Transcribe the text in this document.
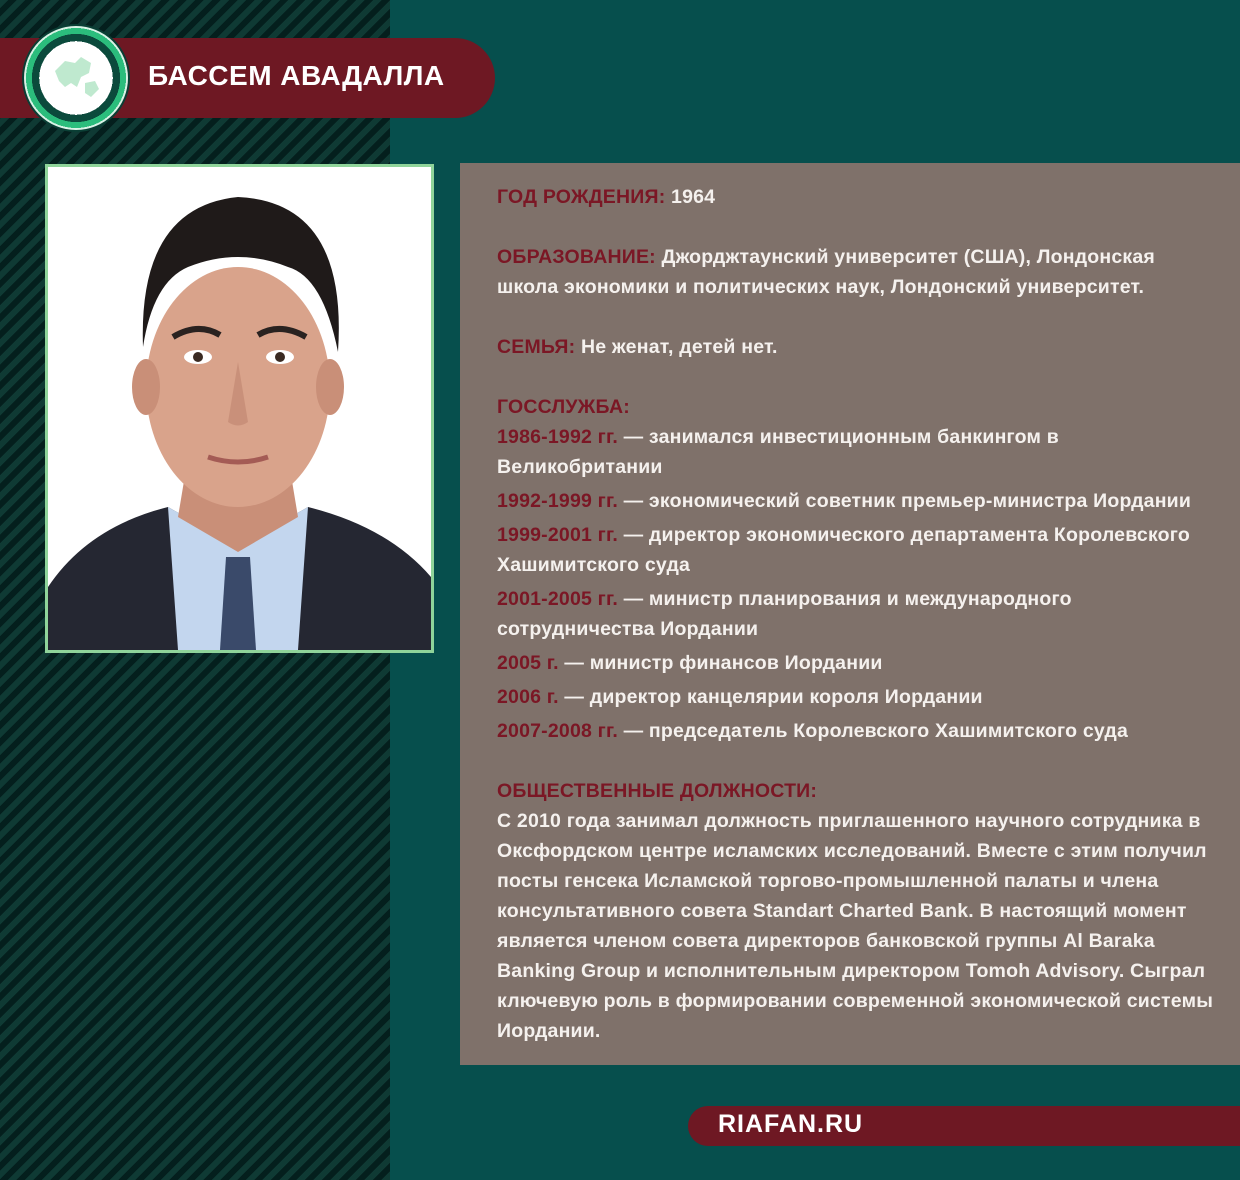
БАССЕМ АВАДАЛЛА

ГОД РОЖДЕНИЯ: 1964

ОБРАЗОВАНИЕ: Джорджтаунский университет (США), Лондонская школа экономики и политических наук, Лондонский университет.

СЕМЬЯ: Не женат, детей нет.

ГОССЛУЖБА:

1986-1992 гг. — занимался инвестиционным банкингом в Великобритании

1992-1999 гг. — экономический советник премьер-министра Иордании

1999-2001 гг. — директор экономического департамента Королевского Хашимитского суда

2001-2005 гг. — министр планирования и международного сотрудничества Иордании

2005 г. — министр финансов Иордании

2006 г. — директор канцелярии короля Иордании

2007-2008 гг. — председатель Королевского Хашимитского суда

ОБЩЕСТВЕННЫЕ ДОЛЖНОСТИ:

С 2010 года занимал должность приглашенного научного сотрудника в Оксфордском центре исламских исследований. Вместе с этим получил посты генсека Исламской торгово-промышленной палаты и члена консультативного совета Standart Charted Bank. В настоящий момент является членом совета директоров банковской группы Al Baraka Banking Group и исполнительным директором Tomoh Advisory. Сыграл ключевую роль в формировании современной экономической системы Иордании.

RIAFAN.RU
